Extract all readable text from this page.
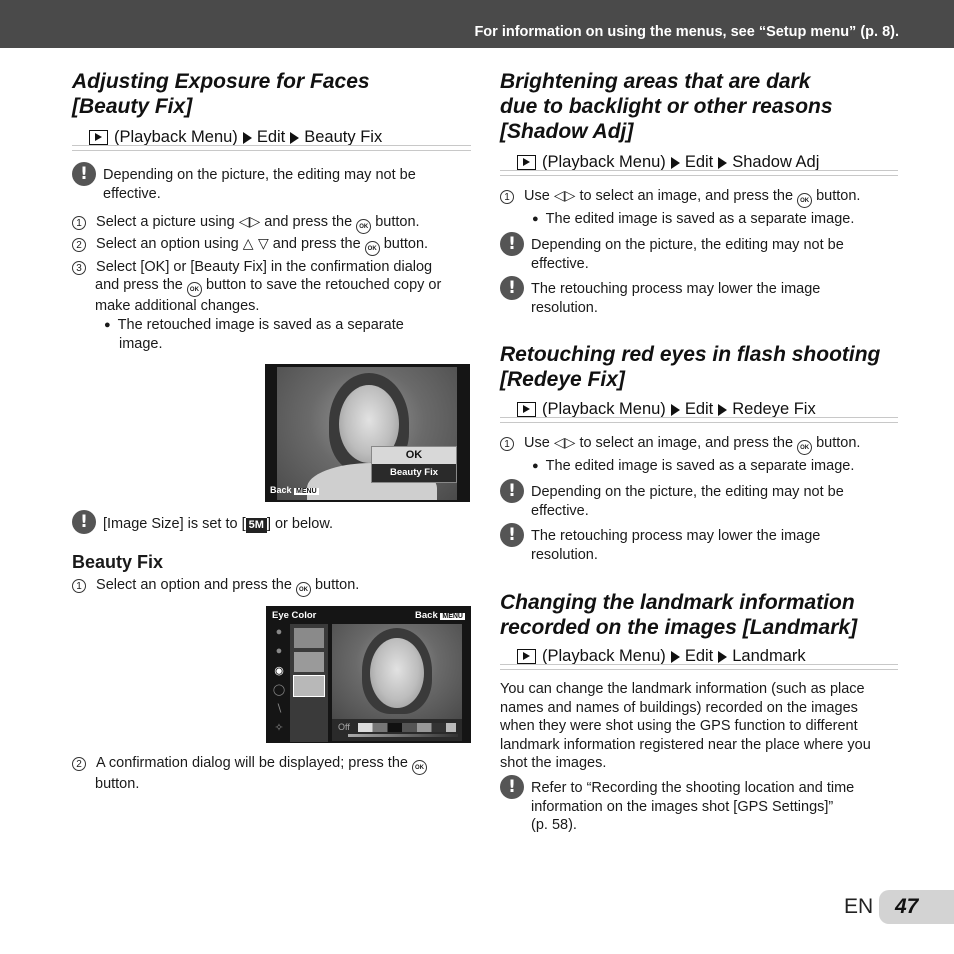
For information on using the menus, see “Setup menu” (p. 8).
Adjusting Exposure for Faces
[Beauty Fix]
(Playback Menu) Edit Beauty Fix
!	Depending on the picture, the editing may not be
effective.
1 Select a picture using ◁▷ and press the OK button.
2 Select an option using △ ▽ and press the OK button.
3 Select [OK] or [Beauty Fix] in the confirmation dialog
and press the OK button to save the retouched copy or
make additional changes.
● The retouched image is saved as a separate
image.
OK
Beauty Fix
Back MENU
!	[Image Size] is set to [ 5M ] or below.
Beauty Fix
1 Select an option and press the OK button.
Eye Color	Back MENU
●
●
◉
◯
∖
✧	Off
2 A confirmation dialog will be displayed; press the OK
button.
Brightening areas that are dark
due to backlight or other reasons
[Shadow Adj]
(Playback Menu) Edit Shadow Adj
1 Use ◁▷ to select an image, and press the OK button.
● The edited image is saved as a separate image.
!	Depending on the picture, the editing may not be
effective.
!	The retouching process may lower the image
resolution.
Retouching red eyes in flash shooting
[Redeye Fix]
(Playback Menu) Edit Redeye Fix
1 Use ◁▷ to select an image, and press the OK button.
● The edited image is saved as a separate image.
!	Depending on the picture, the editing may not be
effective.
!	The retouching process may lower the image
resolution.
Changing the landmark information
recorded on the images [Landmark]
(Playback Menu) Edit Landmark
You can change the landmark information (such as place
names and names of buildings) recorded on the images
when they were shot using the GPS function to different
landmark information registered near the place where you
shot the images.
!	Refer to “Recording the shooting location and time
information on the images shot [GPS Settings]”
(p. 58).
EN 47
